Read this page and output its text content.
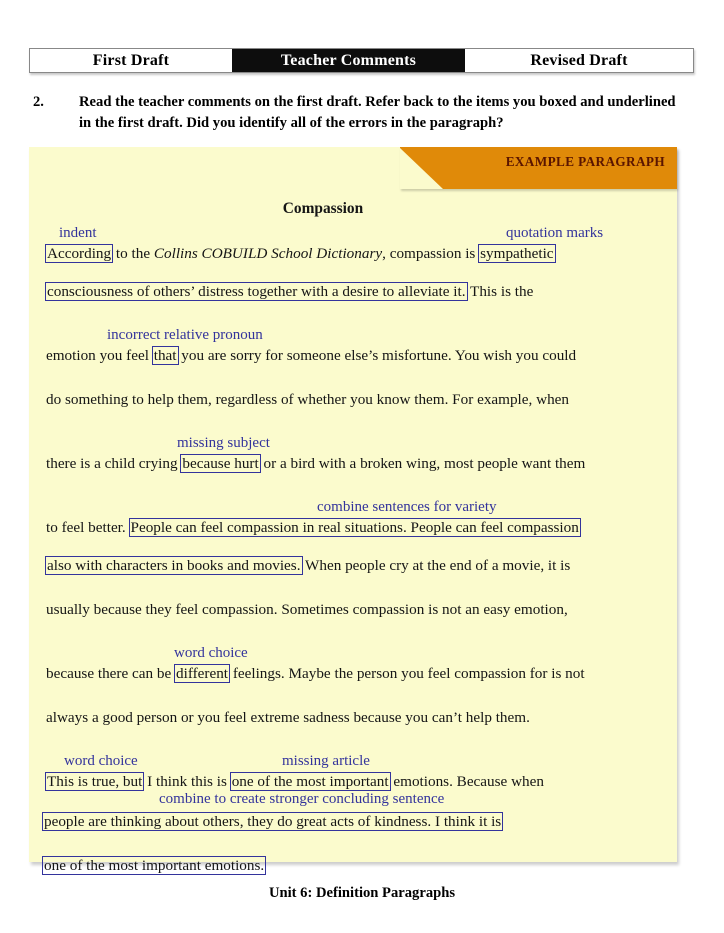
First Draft	Teacher Comments	Revised Draft
2.	Read the teacher comments on the first draft. Refer back to the items you boxed and underlined in the first draft. Did you identify all of the errors in the paragraph?
EXAMPLE PARAGRAPH
Compassion
indent	quotation marks
According to the Collins COBUILD School Dictionary, compassion is sympathetic
consciousness of others’ distress together with a desire to alleviate it. This is the
incorrect relative pronoun
emotion you feel that you are sorry for someone else’s misfortune. You wish you could
do something to help them, regardless of whether you know them. For example, when
missing subject
there is a child crying because hurt or a bird with a broken wing, most people want them
combine sentences for variety
to feel better. People can feel compassion in real situations. People can feel compassion
also with characters in books and movies. When people cry at the end of a movie, it is
usually because they feel compassion. Sometimes compassion is not an easy emotion,
word choice
because there can be different feelings. Maybe the person you feel compassion for is not
always a good person or you feel extreme sadness because you can’t help them.
word choice	missing article
This is true, but I think this is one of the most important emotions. Because when
combine to create stronger concluding sentence
people are thinking about others, they do great acts of kindness. I think it is
one of the most important emotions.
Unit 6: Definition Paragraphs
